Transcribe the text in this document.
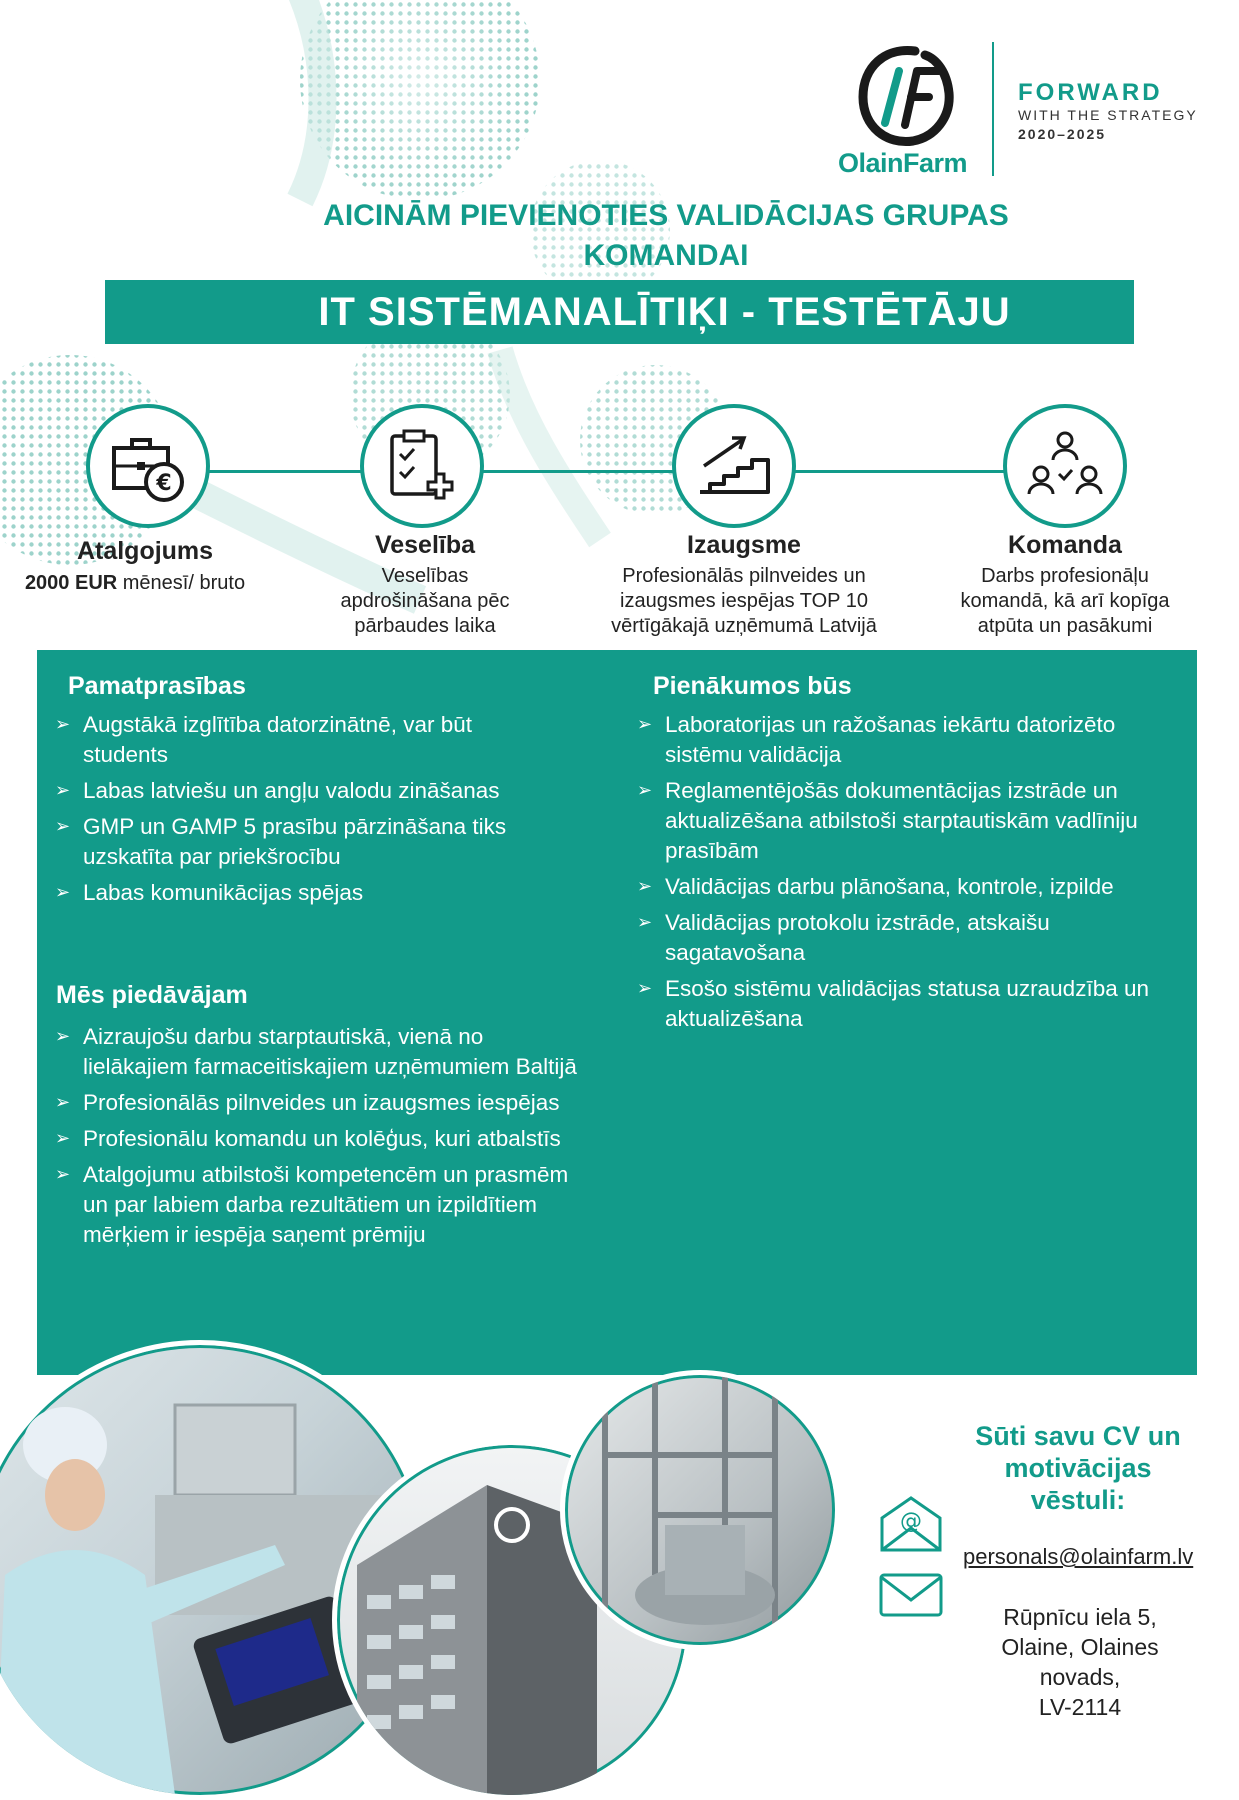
OlainFarm
FORWARD
WITH THE STRATEGY
2020–2025
AICINĀM PIEVIENOTIES VALIDĀCIJAS GRUPAS
KOMANDAI
IT SISTĒMANALĪTIĶI - TESTĒTĀJU
€
Atalgojums
2000 EUR mēnesī/ bruto
Veselība
Veselības apdrošināšana pēc pārbaudes laika
Izaugsme
Profesionālās pilnveides un izaugsmes iespējas TOP 10 vērtīgākajā uzņēmumā Latvijā
Komanda
Darbs profesionāļu komandā, kā arī kopīga atpūta un pasākumi
Pamatprasības
➢ Augstākā izglītība datorzinātnē, var būt students
➢ Labas latviešu un angļu valodu zināšanas
➢ GMP un GAMP 5 prasību pārzināšana tiks uzskatīta par priekšrocību
➢ Labas komunikācijas spējas
Mēs piedāvājam
➢ Aizraujošu darbu starptautiskā, vienā no lielākajiem farmaceitiskajiem uzņēmumiem Baltijā
➢ Profesionālās pilnveides un izaugsmes iespējas
➢ Profesionālu komandu un kolēģus, kuri atbalstīs
➢ Atalgojumu atbilstoši kompetencēm un prasmēm un par labiem darba rezultātiem un izpildītiem mērķiem ir iespēja saņemt prēmiju
Pienākumos būs
➢ Laboratorijas un ražošanas iekārtu datorizēto sistēmu validācija
➢ Reglamentējošās dokumentācijas izstrāde un aktualizēšana atbilstoši starptautiskām vadlīniju prasībām
➢ Validācijas darbu plānošana, kontrole, izpilde
➢ Validācijas protokolu izstrāde, atskaišu sagatavošana
➢ Esošo sistēmu validācijas statusa uzraudzība un aktualizēšana
Sūti savu CV un
motivācijas
vēstuli:
@
personals@olainfarm.lv
Rūpnīcu iela 5,
Olaine, Olaines
novads,
LV-2114
